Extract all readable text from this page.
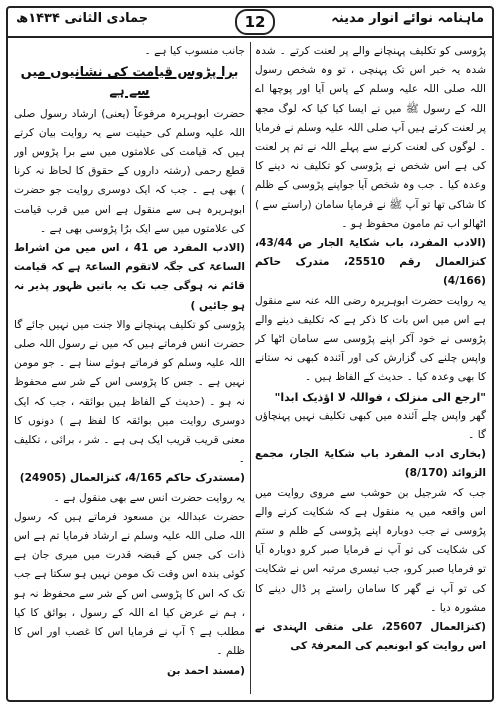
ماہنامہ نوائے انوار مدینہ
12
جمادی الثانی ۱۴۳۴ھ

پڑوسی کو تکلیف پہنچانے والے پر لعنت کرتے ۔ شدہ شدہ یہ خبر اس تک پہنچی ، تو وہ شخص رسول اللہ صلی اللہ علیہ وسلم کے پاس آیا اور پوچھا اے اللہ کے رسول ﷺ میں نے ایسا کیا کیا کہ لوگ مجھ پر لعنت کرتے ہیں آپ صلی اللہ علیہ وسلم نے فرمایا ۔ لوگوں کی لعنت کرنے سے پہلے اللہ نے تم پر لعنت کی ہے اس شخص نے پڑوسی کو تکلیف نہ دینے کا وعدہ کیا ۔ جب وہ شخص آیا جواپنے پڑوسی کے ظلم کا شاکی تھا تو آپ ﷺ نے فرمایا سامان (راستے سے ) اٹھالو اب تم مامون محفوظ ہو ۔

(الادب المفرد، باب شکایۃ الجار ص 43/44، کنزالعمال رقم 25510، متدرک حاکم (4/166)

یہ روایت حضرت ابوہریرہ رضی اللہ عنہ سے منقول ہے اس میں اس بات کا ذکر ہے کہ تکلیف دینے والے پڑوسی نے خود آکر اپنے پڑوسی سے سامان اٹھا کر واپس چلنے کی گزارش کی اور آئندہ کبھی نہ ستانے کا بھی وعدہ کیا ۔ حدیث کے الفاظ ہیں ۔

"ارجع الی منزلک ، فواللہ لا اؤذیک ابدا"

گھر واپس چلے آئندہ میں کبھی تکلیف نہیں پہنچاؤں گا ۔

(بخاری ادب المفرد باب شکایۃ الجار، مجمع الزوائد (8/170)

جب کہ شرجیل بن حوشب سے مروی روایت میں اس واقعہ میں یہ منقول ہے کہ شکایت کرنے والے پڑوسی نے جب دوبارہ اپنے پڑوسی کے ظلم و ستم کی شکایت کی تو آپ نے فرمایا صبر کرو دوبارہ آیا تو فرمایا صبر کرو، جب تیسری مرتبہ اس نے شکایت کی تو آپ نے گھر کا سامان راستے پر ڈال دینے کا مشورہ دیا ۔

(کنزالعمال 25607، علی متقی الہندی نے اس روایت کو ابونعیم کی المعرفۃ کی

جانب منسوب کیا ہے ۔

برا پڑوس قیامت کی نشانیوں میں سے ہے

حضرت ابوہریرہ مرفوعاً (یعنی) ارشاد رسول صلی اللہ علیہ وسلم کی حیثیت سے یہ روایت بیان کرتے ہیں کہ قیامت کی علامتوں میں سے برا پڑوس اور قطع رحمی (رشتہ داروں کے حقوق کا لحاظ نہ کرنا ) بھی ہے ۔ جب کہ ایک دوسری روایت جو حضرت ابوہریرہ ہی سے منقول ہے اس میں قرب قیامت کی علامتوں میں سے ایک برُا پڑوسی بھی ہے ۔

(الادب المفرد ص 41 ، اس میں من اشراط الساعۃ کی جگہ لاتقوم الساعۃ ہے کہ قیامت قائم نہ ہوگی جب تک یہ باتیں ظہور پذیر نہ ہو جائیں )

پڑوسی کو تکلیف پہنچانے والا جنت میں نہیں جائے گا حضرت انس فرماتے ہیں کہ میں نے رسول اللہ صلی اللہ علیہ وسلم کو فرماتے ہوئے سنا ہے ۔ جو مومن نہیں ہے ۔ جس کا پڑوسی اس کے شر سے محفوظ نہ ہو ۔ (حدیث کے الفاظ ہیں بوائقہ ، جب کہ ایک دوسری روایت میں بوائقہ کا لفظ ہے ) دونوں کا معنی قریب قریب ایک ہی ہے ۔ شر ، برائی ، تکلیف ۔

(مستدرک حاکم 4/165، کنزالعمال (24905)

یہ روایت حضرت انس سے بھی منقول ہے ۔

حضرت عبداللہ بن مسعود فرماتے ہیں کہ رسول اللہ صلی اللہ علیہ وسلم نے ارشاد فرمایا تم ہے اس ذات کی جس کے قبضہ قدرت میں میری جان ہے کوئی بندہ اس وقت تک مومن نہیں ہو سکتا ہے جب تک کہ اس کا پڑوسی اس کے شر سے محفوظ نہ ہو ، ہم نے عرض کیا اے اللہ کے رسول ، بوائق کا کیا مطلب ہے ؟ آپ نے فرمایا اس کا غصب اور اس کا ظلم ۔

(مسند احمد بن
